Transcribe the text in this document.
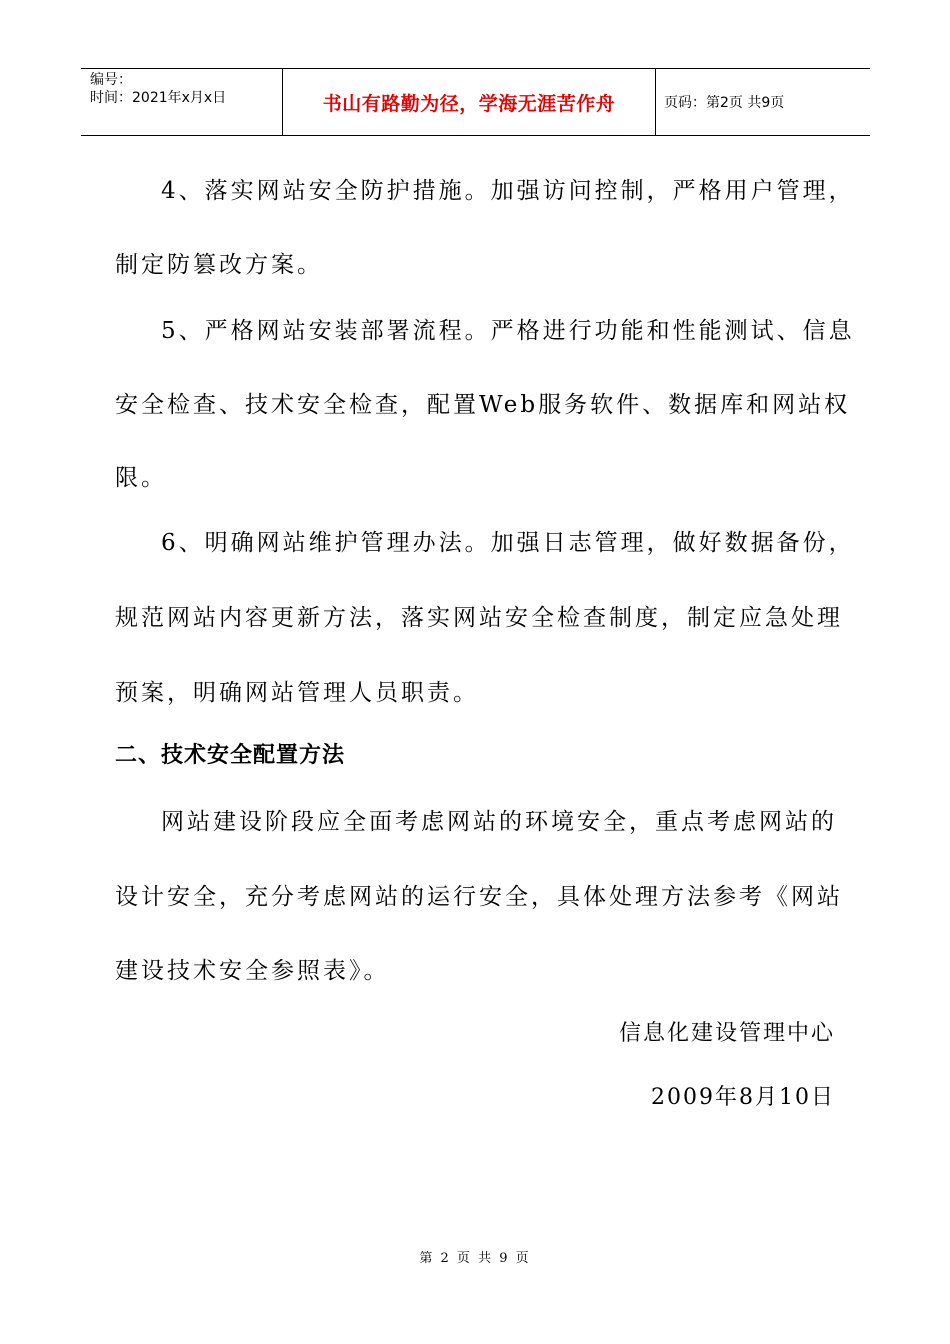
编号：
时间：2021年x月x日	书山有路勤为径，学海无涯苦作舟	页码：第2页 共9页

4、落实网站安全防护措施。加强访问控制，严格用户管理，

制定防篡改方案。

5、严格网站安装部署流程。严格进行功能和性能测试、信息

安全检查、技术安全检查，配置Web服务软件、数据库和网站权

限。

6、明确网站维护管理办法。加强日志管理，做好数据备份，

规范网站内容更新方法，落实网站安全检查制度，制定应急处理

预案，明确网站管理人员职责。

二、技术安全配置方法

网站建设阶段应全面考虑网站的环境安全，重点考虑网站的

设计安全，充分考虑网站的运行安全，具体处理方法参考《网站

建设技术安全参照表》。

信息化建设管理中心

2009年8月10日

第 2 页 共 9 页
